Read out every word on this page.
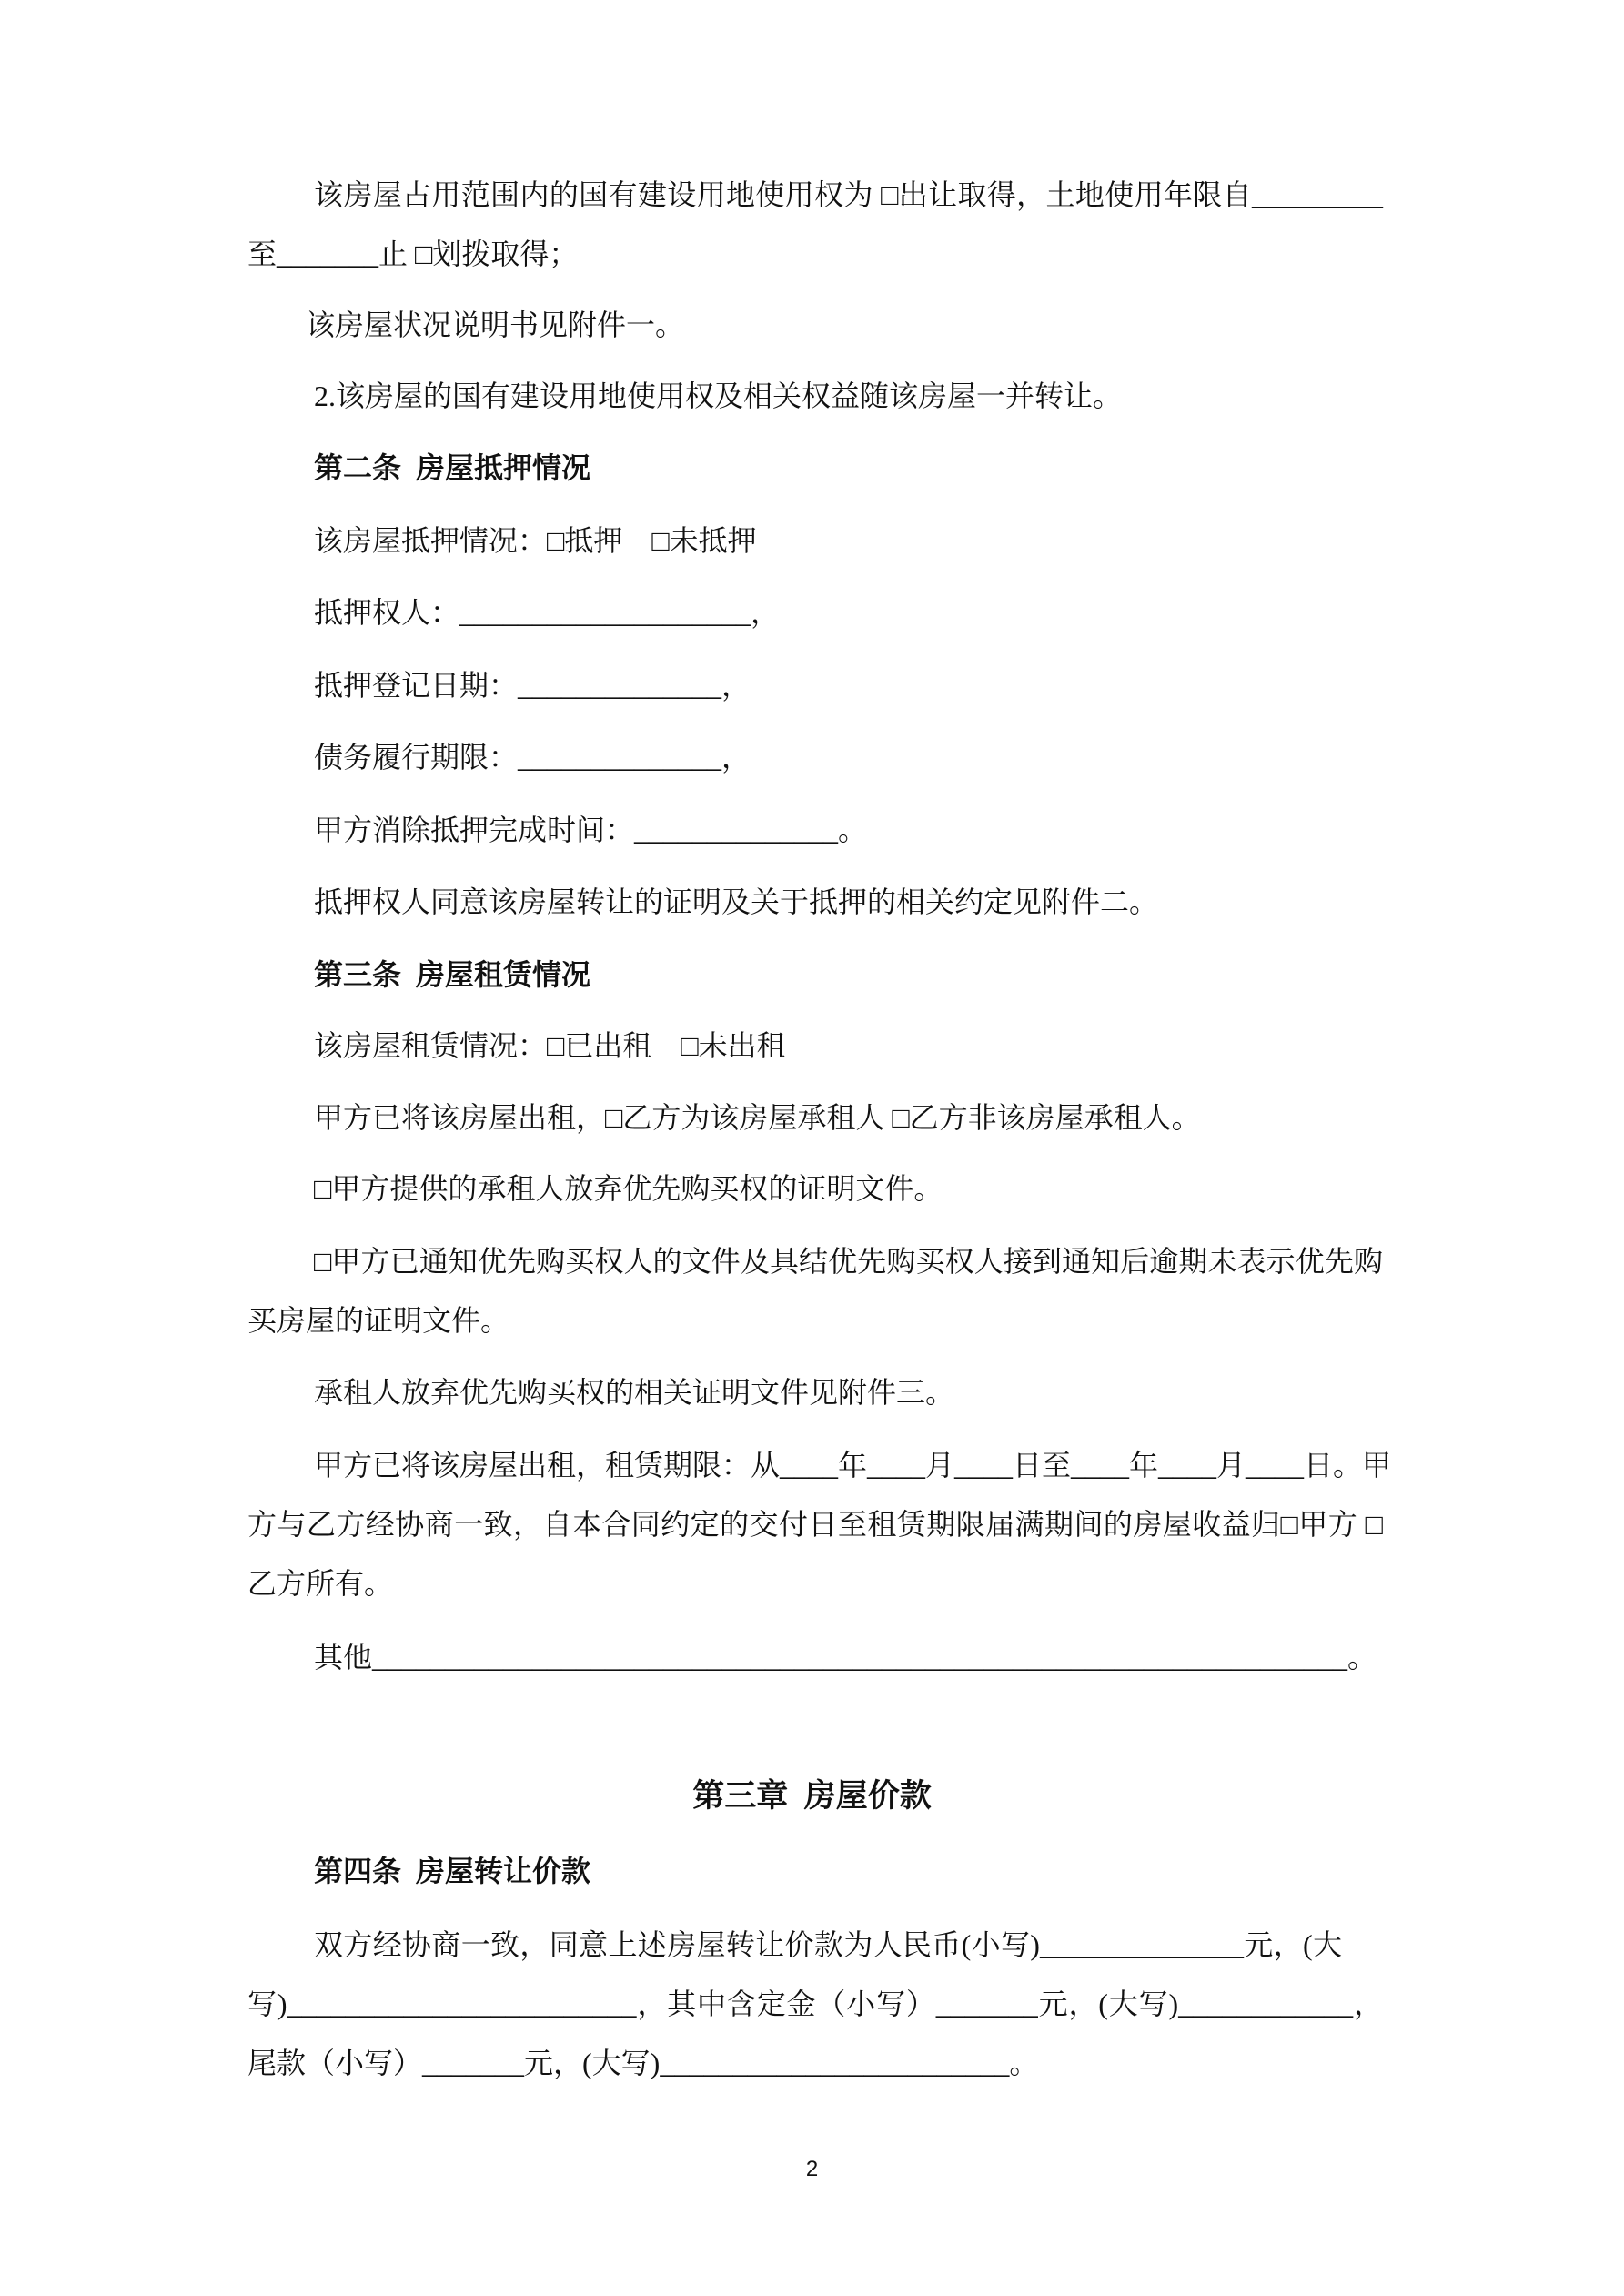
该房屋占用范围内的国有建设用地使用权为 □出让取得，土地使用年限自_________
至_______止 □划拨取得；
该房屋状况说明书见附件一。
2.该房屋的国有建设用地使用权及相关权益随该房屋一并转让。
第二条  房屋抵押情况
该房屋抵押情况：□抵押    □未抵押
抵押权人：____________________，
抵押登记日期：______________，
债务履行期限：______________，
甲方消除抵押完成时间：______________。
抵押权人同意该房屋转让的证明及关于抵押的相关约定见附件二。
第三条  房屋租赁情况
该房屋租赁情况：□已出租    □未出租
甲方已将该房屋出租，□乙方为该房屋承租人 □乙方非该房屋承租人。
□甲方提供的承租人放弃优先购买权的证明文件。
□甲方已通知优先购买权人的文件及具结优先购买权人接到通知后逾期未表示优先购
买房屋的证明文件。
承租人放弃优先购买权的相关证明文件见附件三。
甲方已将该房屋出租，租赁期限：从____年____月____日至____年____月____日。甲
方与乙方经协商一致，自本合同约定的交付日至租赁期限届满期间的房屋收益归□甲方 □
乙方所有。
其他___________________________________________________________________。
第三章  房屋价款
第四条  房屋转让价款
双方经协商一致，同意上述房屋转让价款为人民币(小写)______________元，(大
写)________________________，其中含定金（小写）_______元，(大写)____________，
尾款（小写）_______元，(大写)________________________。
2
